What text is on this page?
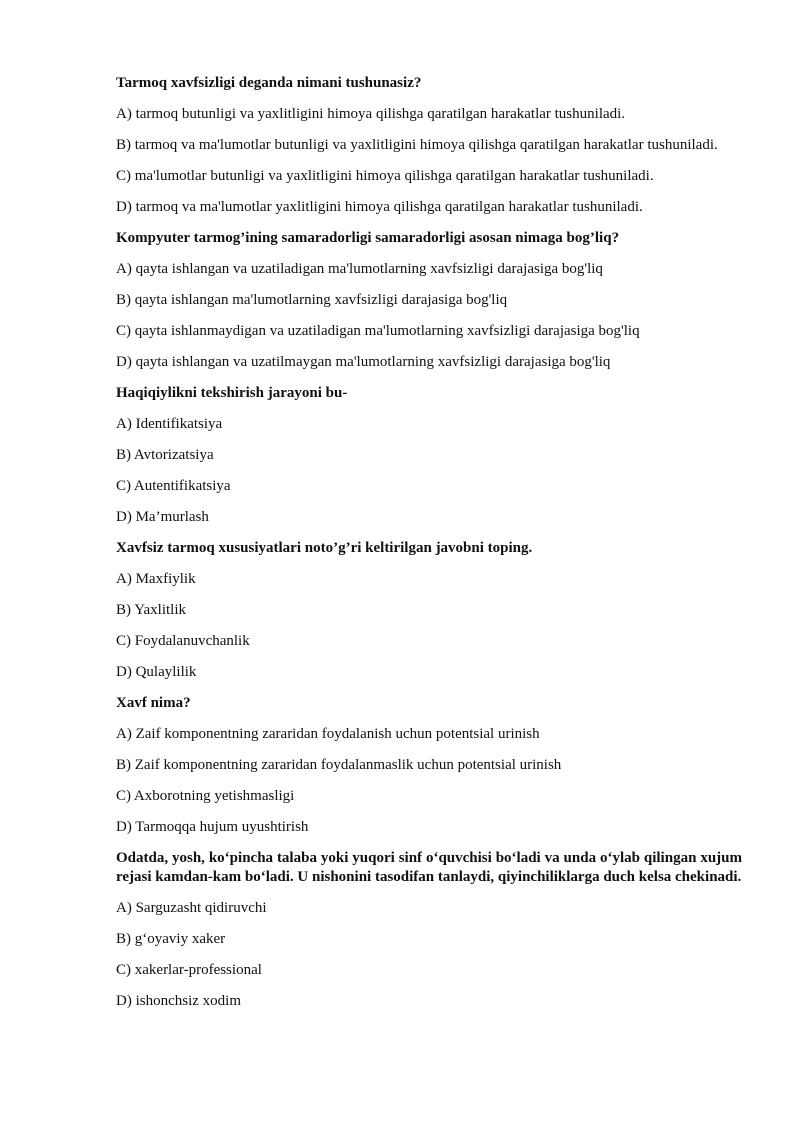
Tarmoq xavfsizligi deganda nimani tushunasiz?

A) tarmoq butunligi va yaxlitligini himoya qilishga qaratilgan harakatlar tushuniladi.

B) tarmoq va ma'lumotlar butunligi va yaxlitligini himoya qilishga qaratilgan harakatlar tushuniladi.

C) ma'lumotlar butunligi va yaxlitligini himoya qilishga qaratilgan harakatlar tushuniladi.

D) tarmoq va ma'lumotlar yaxlitligini himoya qilishga qaratilgan harakatlar tushuniladi.

Kompyuter tarmog’ining samaradorligi samaradorligi asosan nimaga bog’liq?

A) qayta ishlangan va uzatiladigan ma'lumotlarning xavfsizligi darajasiga bog'liq

B) qayta ishlangan ma'lumotlarning xavfsizligi darajasiga bog'liq

C) qayta ishlanmaydigan va uzatiladigan ma'lumotlarning xavfsizligi darajasiga bog'liq

D) qayta ishlangan va uzatilmaygan ma'lumotlarning xavfsizligi darajasiga bog'liq

Haqiqiylikni tekshirish jarayoni bu-

A) Identifikatsiya

B) Avtorizatsiya

C) Autentifikatsiya

D) Ma’murlash

Xavfsiz tarmoq xususiyatlari noto’g’ri keltirilgan javobni toping.

A) Maxfiylik

B) Yaxlitlik

C) Foydalanuvchanlik

D) Qulaylilik

Xavf nima?

A) Zaif komponentning zararidan foydalanish uchun potentsial urinish

B) Zaif komponentning zararidan foydalanmaslik uchun potentsial urinish

C) Axborotning yetishmasligi

D) Tarmoqqa hujum uyushtirish

Odatda, yosh, ko‘pincha talaba yoki yuqori sinf o‘quvchisi bo‘ladi va unda o‘ylab qilingan xujum rejasi kamdan-kam bo‘ladi. U nishonini tasodifan tanlaydi, qiyinchiliklarga duch kelsa chekinadi.

A) Sarguzasht qidiruvchi

B) g‘oyaviy xaker

C) xakerlar-professional

D) ishonchsiz xodim
